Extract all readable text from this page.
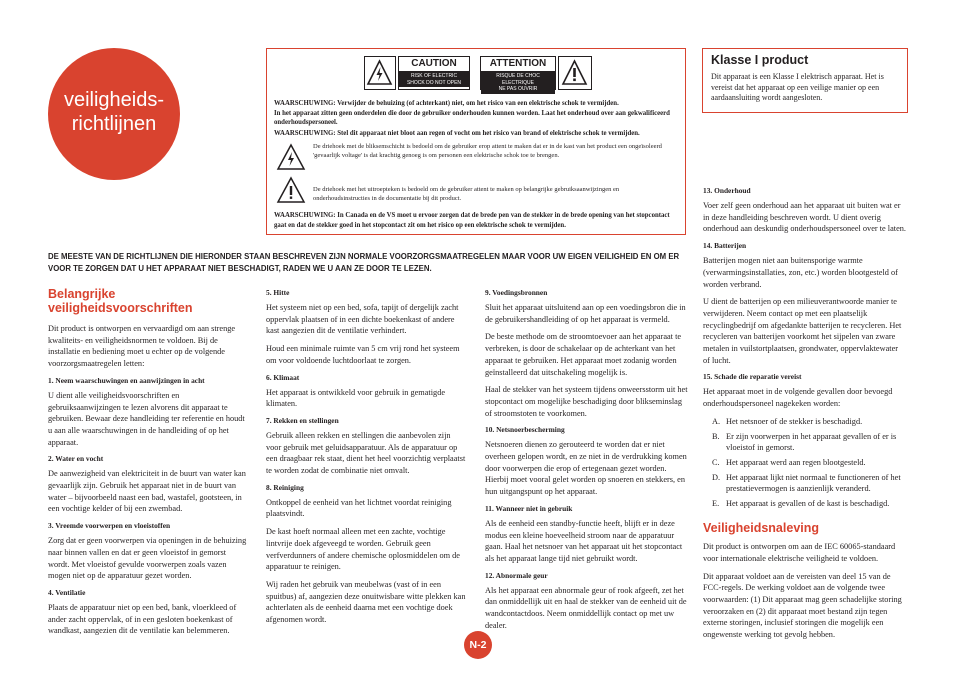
veiligheids-
richtlijnen
CAUTION
RISK OF ELECTRIC
SHOCK DO NOT OPEN
ATTENTION
RISQUE DE CHOC ELECTRIQUE
NE PAS OUVRIR
WAARSCHUWING: Verwijder de behuizing (of achterkant) niet, om het risico van een elektrische schok te vermijden.
In het apparaat zitten geen onderdelen die door de gebruiker onderhouden kunnen worden. Laat het onderhoud over aan gekwalificeerd onderhoudspersoneel.
WAARSCHUWING: Stel dit apparaat niet bloot aan regen of vocht om het risico van brand of elektrische schok te vermijden.
De driehoek met de bliksemschicht is bedoeld om de gebruiker erop attent te maken dat er in de kast van het product een ongeïsoleerd 'gevaarlijk voltage' is dat krachtig genoeg is om personen een elektrische schok toe te brengen.
De driehoek met het uitroepteken is bedoeld om de gebruiker attent te maken op belangrijke gebruiksaanwijzingen en onderhoudsinstructies in de documentatie bij dit product.
WAARSCHUWING: In Canada en de VS moet u ervoor zorgen dat de brede pen van de stekker in de brede opening van het stopcontact gaat en dat de stekker goed in het stopcontact zit om het risico op een elektrische schok te vermijden.
Klasse I product
Dit apparaat is een Klasse I elektrisch apparaat. Het is vereist dat het apparaat op een veilige manier op een aardaansluiting wordt aangesloten.
DE MEESTE VAN DE RICHTLIJNEN DIE HIERONDER STAAN BESCHREVEN ZIJN NORMALE VOORZORGSMAATREGELEN MAAR VOOR UW EIGEN VEILIGHEID EN OM ER VOOR TE ZORGEN DAT U HET APPARAAT NIET BESCHADIGT, RADEN WE U AAN ZE DOOR TE LEZEN.
Belangrijke veiligheidsvoorschriften

Dit product is ontworpen en vervaardigd om aan strenge kwaliteits- en veiligheidsnormen te voldoen. Bij de installatie en bediening moet u echter op de volgende voorzorgsmaatregelen letten:

1. Neem waarschuwingen en aanwijzingen in acht

U dient alle veiligheidsvoorschriften en gebruiksaanwijzingen te lezen alvorens dit apparaat te gebruiken. Bewaar deze handleiding ter referentie en houdt u aan alle waarschuwingen in de handleiding of op het apparaat.

2. Water en vocht

De aanwezigheid van elektriciteit in de buurt van water kan gevaarlijk zijn. Gebruik het apparaat niet in de buurt van water – bijvoorbeeld naast een bad, wastafel, gootsteen, in een vochtige kelder of bij een zwembad.

3. Vreemde voorwerpen en vloeistoffen

Zorg dat er geen voorwerpen via openingen in de behuizing naar binnen vallen en dat er geen vloeistof in gemorst wordt. Met vloeistof gevulde voorwerpen zoals vazen mogen niet op de apparatuur gezet worden.

4. Ventilatie

Plaats de apparatuur niet op een bed, bank, vloerkleed of ander zacht oppervlak, of in een gesloten boekenkast of wandkast, aangezien dit de ventilatie kan belemmeren.

5. Hitte

Het systeem niet op een bed, sofa, tapijt of dergelijk zacht oppervlak plaatsen of in een dichte boekenkast of andere kast aangezien dit de ventilatie verhindert.

Houd een minimale ruimte van 5 cm vrij rond het systeem om voor voldoende luchtdoorlaat te zorgen.

6. Klimaat

Het apparaat is ontwikkeld voor gebruik in gematigde klimaten.

7. Rekken en stellingen

Gebruik alleen rekken en stellingen die aanbevolen zijn voor gebruik met geluidsapparatuur. Als de apparatuur op een draagbaar rek staat, dient het heel voorzichtig verplaatst te worden zodat de combinatie niet omvalt.

8. Reiniging

Ontkoppel de eenheid van het lichtnet voordat reiniging plaatsvindt.

De kast hoeft normaal alleen met een zachte, vochtige lintvrije doek afgeveegd te worden. Gebruik geen verfverdunners of andere chemische oplosmiddelen om de apparatuur te reinigen.

Wij raden het gebruik van meubelwas (vast of in een spuitbus) af, aangezien deze onuitwisbare witte plekken kan achterlaten als de eenheid daarna met een vochtige doek afgenomen wordt.

9. Voedingsbronnen

Sluit het apparaat uitsluitend aan op een voedingsbron die in de gebruikershandleiding of op het apparaat is vermeld.

De beste methode om de stroomtoevoer aan het apparaat te verbreken, is door de schakelaar op de achterkant van het apparaat te gebruiken. Het apparaat moet zodanig worden geïnstalleerd dat uitschakeling mogelijk is.

Haal de stekker van het systeem tijdens onweersstorm uit het stopcontact om mogelijke beschadiging door blikseminslag of stroomstoten te voorkomen.

10. Netsnoerbescherming

Netsnoeren dienen zo gerouteerd te worden dat er niet overheen gelopen wordt, en ze niet in de verdrukking komen door voorwerpen die erop of ertegenaan gezet worden. Hierbij moet vooral gelet worden op snoeren en stekkers, en hun uitgangspunt op het apparaat.

11. Wanneer niet in gebruik

Als de eenheid een standby-functie heeft, blijft er in deze modus een kleine hoeveelheid stroom naar de apparatuur gaan. Haal het netsnoer van het apparaat uit het stopcontact als het apparaat lange tijd niet gebruikt wordt.

12. Abnormale geur

Als het apparaat een abnormale geur of rook afgeeft, zet het dan onmiddellijk uit en haal de stekker van de eenheid uit de wandcontactdoos. Neem onmiddellijk contact op met uw dealer.

13. Onderhoud

Voer zelf geen onderhoud aan het apparaat uit buiten wat er in deze handleiding beschreven wordt. U dient overig onderhoud aan deskundig onderhoudspersoneel over te laten.

14. Batterijen

Batterijen mogen niet aan buitensporige warmte (verwarmingsinstallaties, zon, etc.) worden blootgesteld of worden verbrand.

U dient de batterijen op een milieuverantwoorde manier te verwijderen. Neem contact op met een plaatselijk recyclingbedrijf om afgedankte batterijen te recycleren. Het recycleren van batterijen voorkomt het sijpelen van zware metalen in vuilstortplaatsen, grondwater, oppervlaktewater of lucht.

15. Schade die reparatie vereist

Het apparaat moet in de volgende gevallen door bevoegd onderhoudspersoneel nagekeken worden:

A. Het netsnoer of de stekker is beschadigd.
B. Er zijn voorwerpen in het apparaat gevallen of er is vloeistof in gemorst.
C. Het apparaat werd aan regen blootgesteld.
D. Het apparaat lijkt niet normaal te functioneren of het prestatievermogen is aanzienlijk veranderd.
E. Het apparaat is gevallen of de kast is beschadigd.
Veiligheidsnaleving

Dit product is ontworpen om aan de IEC 60065-standaard voor internationale elektrische veiligheid te voldoen.

Dit apparaat voldoet aan de vereisten van deel 15 van de FCC-regels. De werking voldoet aan de volgende twee voorwaarden: (1) Dit apparaat mag geen schadelijke storing veroorzaken en (2) dit apparaat moet bestand zijn tegen externe storingen, inclusief storingen die mogelijk een ongewenste werking tot gevolg hebben.

N-2
